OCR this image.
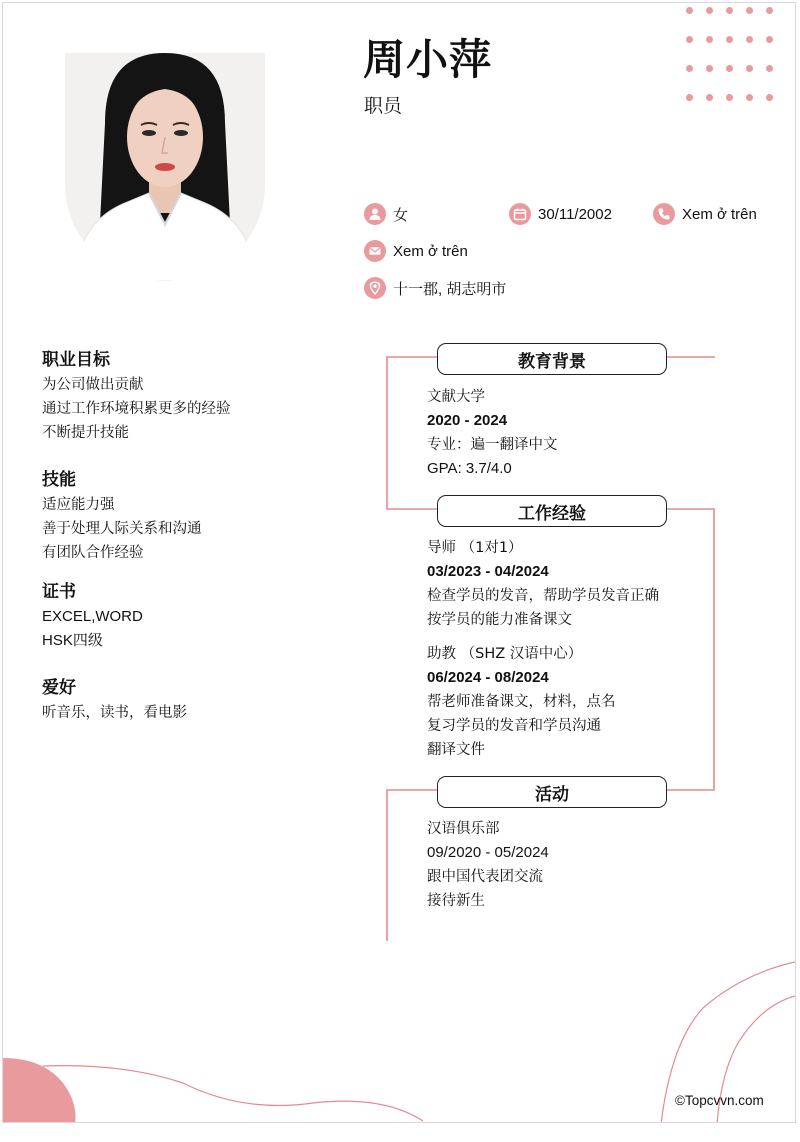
周小萍
职员
女	30/11/2002	Xem ở trên
Xem ở trên
十一郡, 胡志明市
职业目标
为公司做出贡献
通过工作环境积累更多的经验
不断提升技能
技能
适应能力强
善于处理人际关系和沟通
有团队合作经验
证书
EXCEL,WORD
HSK四级
爱好
听音乐，读书，看电影
教育背景
文献大学
2020 - 2024
专业：遍一翻译中文
GPA: 3.7/4.0
工作经验
导师 （1对1）
03/2023 - 04/2024
检查学员的发音，帮助学员发音正确
按学员的能力准备课文
助教 （SHZ 汉语中心）
06/2024 - 08/2024
帮老师准备课文，材料，点名
复习学员的发音和学员沟通
翻译文件
活动
汉语俱乐部
09/2020 - 05/2024
跟中国代表团交流
接待新生
©Topcvvn.com
